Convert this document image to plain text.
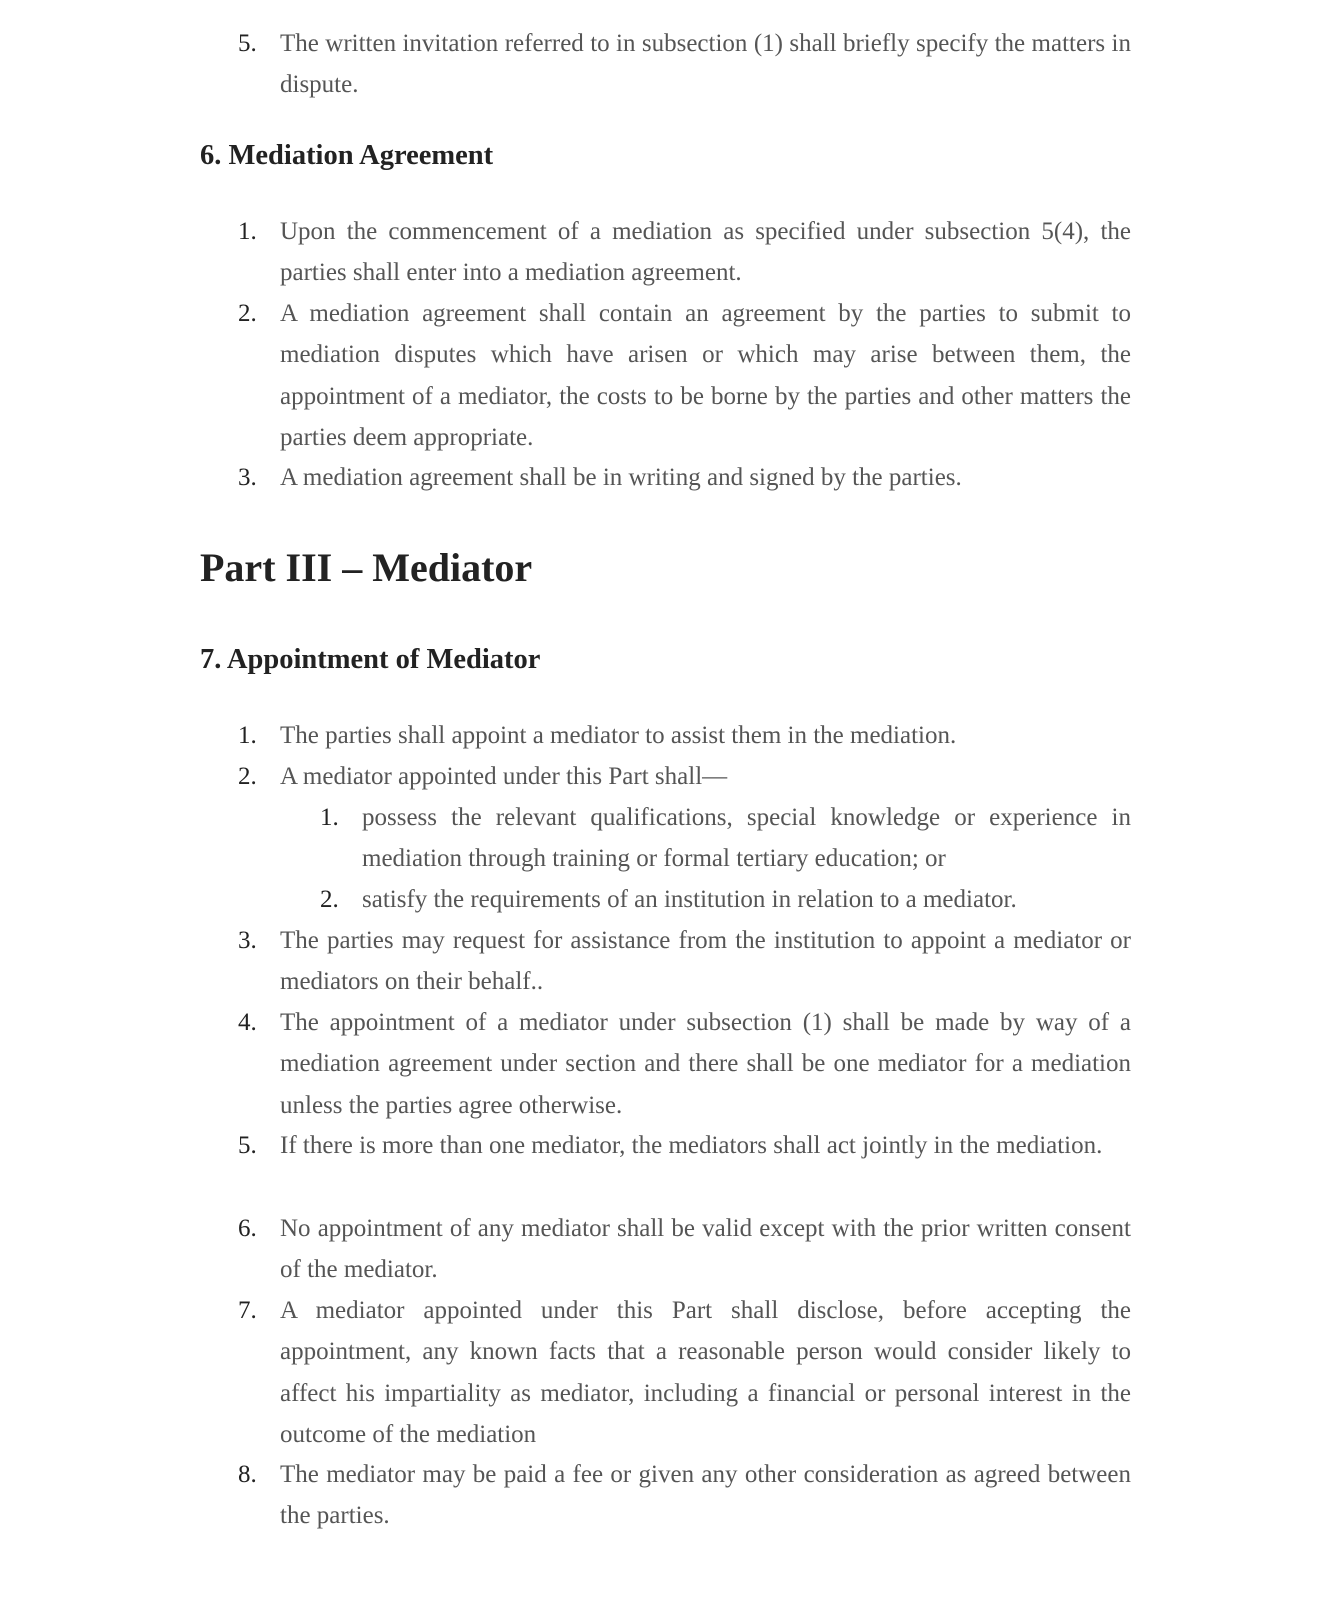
5. The written invitation referred to in subsection (1) shall briefly specify the matters in dispute.
6. Mediation Agreement
1. Upon the commencement of a mediation as specified under subsection 5(4), the parties shall enter into a mediation agreement.
2. A mediation agreement shall contain an agreement by the parties to submit to mediation disputes which have arisen or which may arise between them, the appointment of a mediator, the costs to be borne by the parties and other matters the parties deem appropriate.
3. A mediation agreement shall be in writing and signed by the parties.
Part III – Mediator
7. Appointment of Mediator
1. The parties shall appoint a mediator to assist them in the mediation.
2. A mediator appointed under this Part shall—
1. possess the relevant qualifications, special knowledge or experience in mediation through training or formal tertiary education; or
2. satisfy the requirements of an institution in relation to a mediator.
3. The parties may request for assistance from the institution to appoint a mediator or mediators on their behalf..
4. The appointment of a mediator under subsection (1) shall be made by way of a mediation agreement under section and there shall be one mediator for a mediation unless the parties agree otherwise.
5. If there is more than one mediator, the mediators shall act jointly in the mediation.
6. No appointment of any mediator shall be valid except with the prior written consent of the mediator.
7. A mediator appointed under this Part shall disclose, before accepting the appointment, any known facts that a reasonable person would consider likely to affect his impartiality as mediator, including a financial or personal interest in the outcome of the mediation
8. The mediator may be paid a fee or given any other consideration as agreed between the parties.
